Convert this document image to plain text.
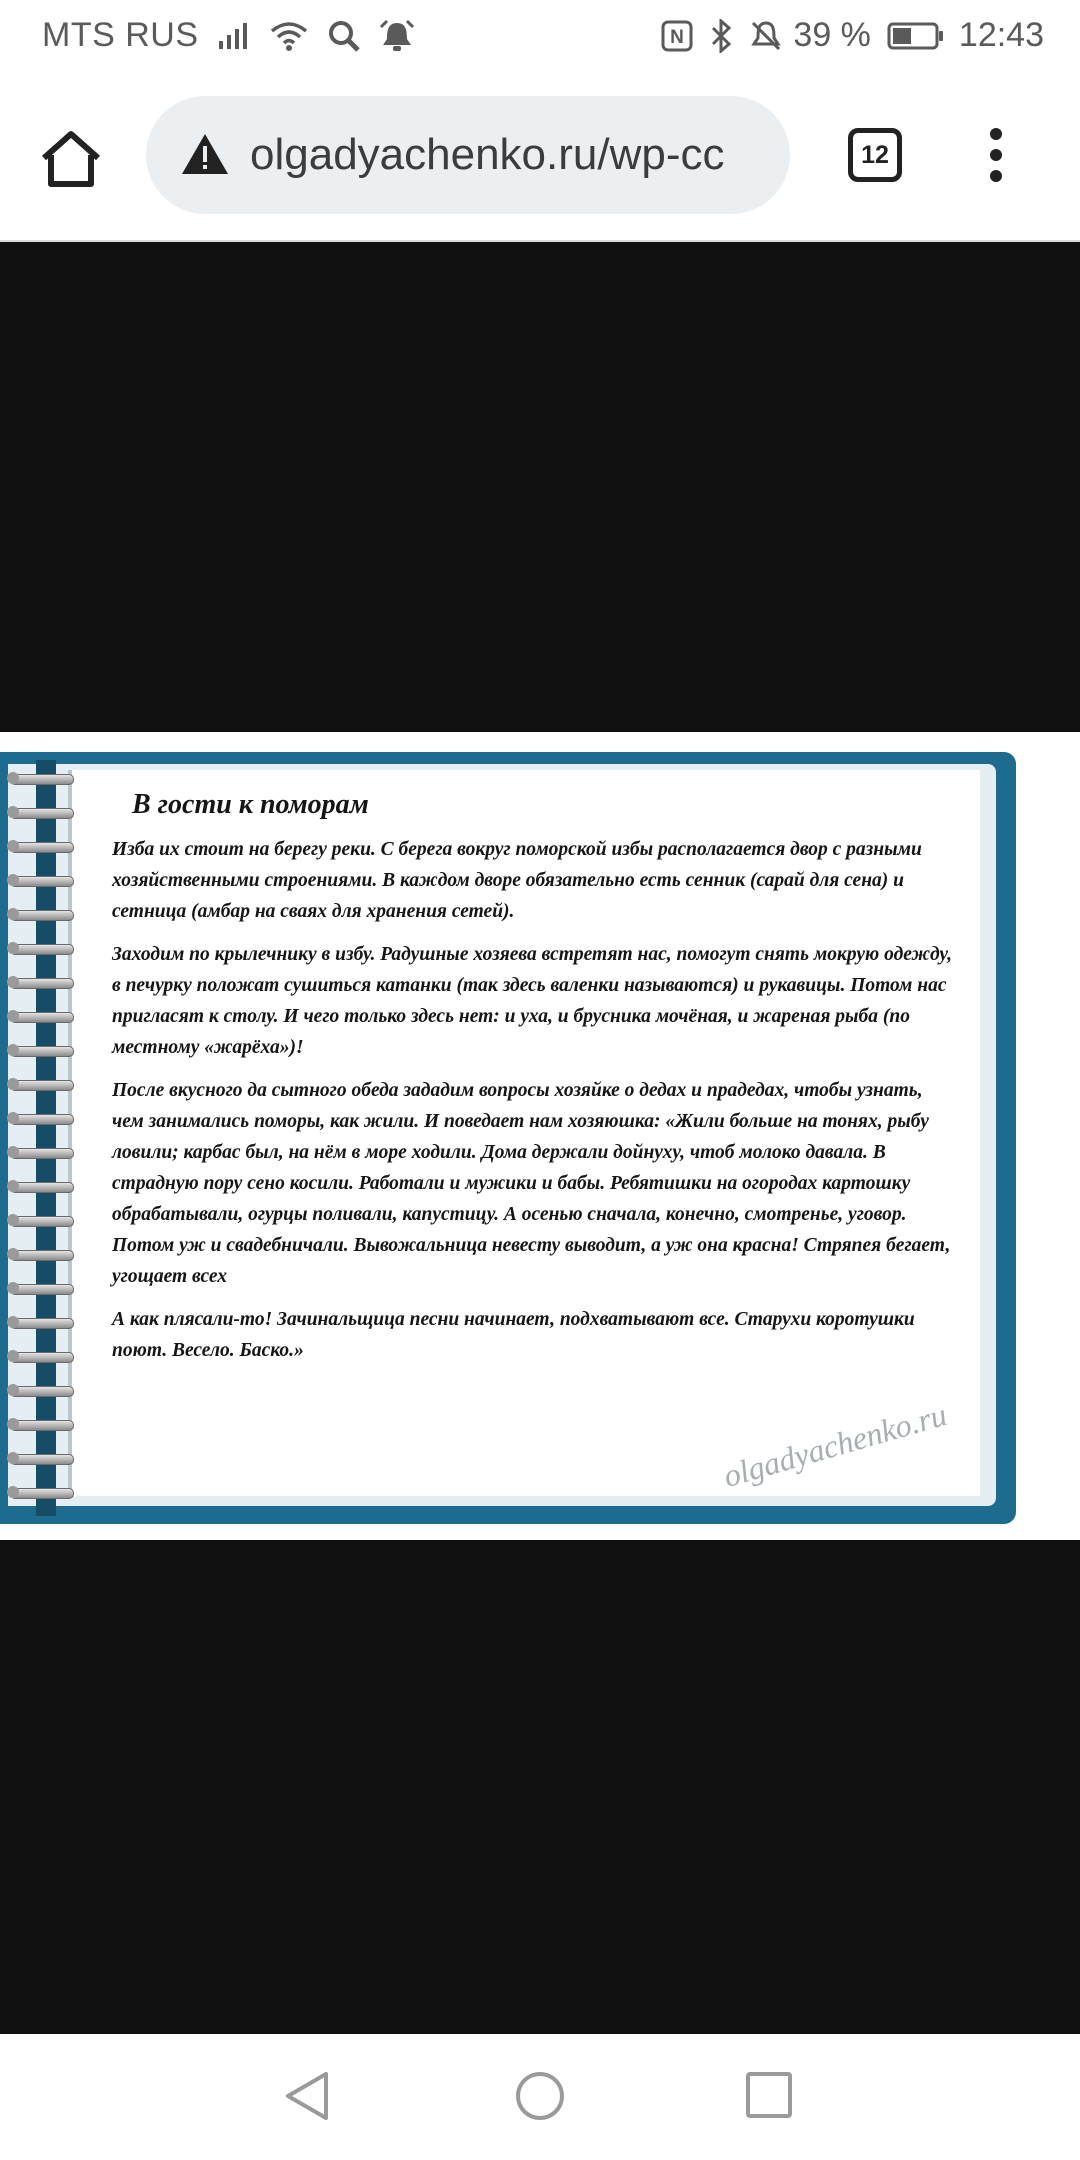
MTS RUS	N	39 %	12:43
olgadyachenko.ru/wp-cc	12
В гости к поморам

Изба их стоит на берегу реки. С берега вокруг поморской избы располагается двор с разными хозяйственными строениями. В каждом дворе обязательно есть сенник (сарай для сена) и сетница (амбар на сваях для хранения сетей).

Заходим по крылечнику в избу. Радушные хозяева встретят нас, помогут снять мокрую одежду, в печурку положат сушиться катанки (так здесь валенки называются) и рукавицы. Потом нас пригласят к столу. И чего только здесь нет: и уха, и брусника мочёная, и жареная рыба (по местному «жарёха»)!

После вкусного да сытного обеда зададим вопросы хозяйке о дедах и прадедах, чтобы узнать, чем занимались поморы, как жили. И поведает нам хозяюшка: «Жили больше на тонях, рыбу ловили; карбас был, на нём в море ходили. Дома держали дойнуху, чтоб молоко давала. В страдную пору сено косили. Работали и мужики и бабы. Ребятишки на огородах картошку обрабатывали, огурцы поливали, капустицу. А осенью сначала, конечно, смотренье, уговор. Потом уж и свадебничали. Вывожальница невесту выводит, а уж она красна! Стряпея бегает, угощает всех

А как плясали-то! Зачинальщица песни начинает, подхватывают все. Старухи коротушки поют. Весело. Баско.»

olgadyachenko.ru
